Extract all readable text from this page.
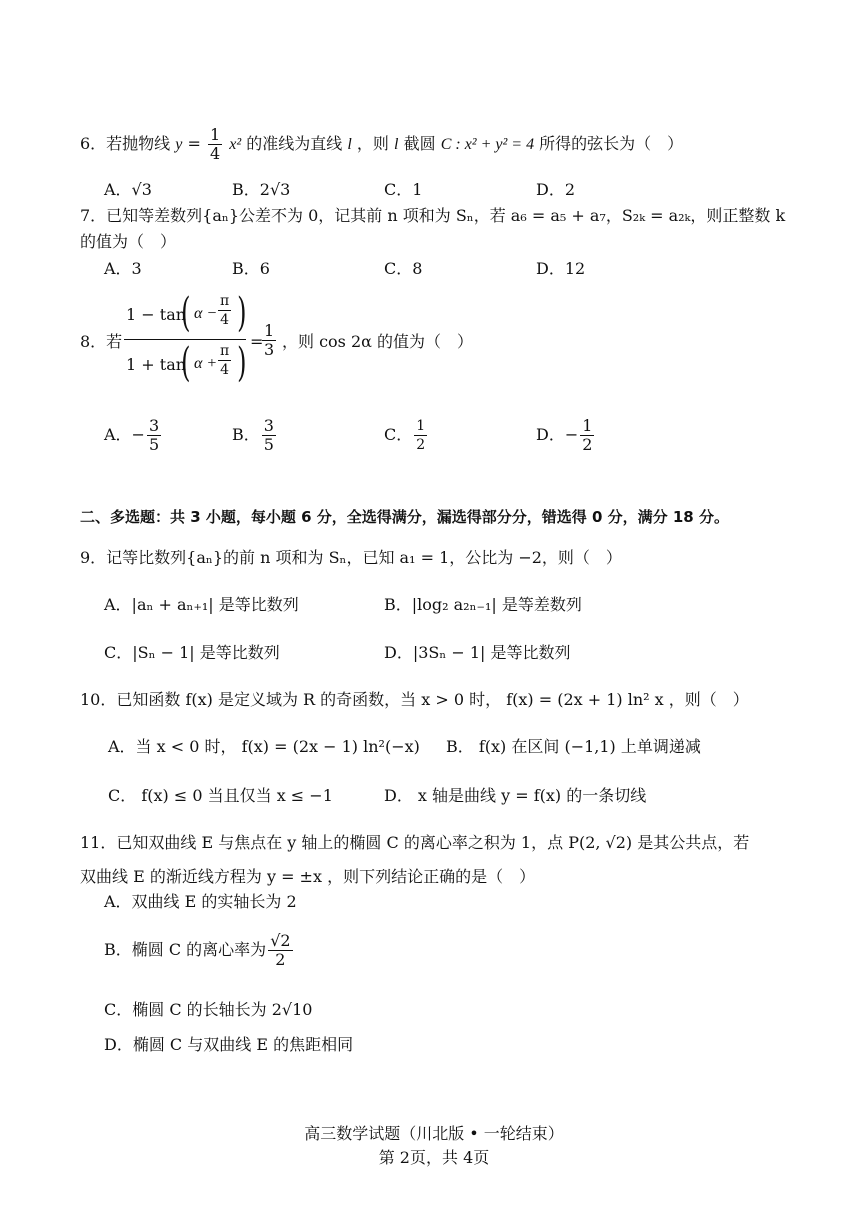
6．若抛物线 $y = \frac{1}{4} x^2$ 的准线为直线 l ，则 l 截圆 C : x² + y² = 4 所得的弦长为（　）
A．√3	B．2√3	C．1	D．2
7．已知等差数列{aₙ}公差不为 0，记其前 n 项和为 Sₙ，若 a₆ = a₅ + a₇，S₂ₖ = a₂ₖ，则正整数 k
的值为（　）
A．3	B．6	C．8	D．12
8．若
1 − tan
( $\alpha - \frac{\pi}{4}$ )
1 + tan
( $\alpha + \frac{\pi}{4}$ ) =
$\frac{1}{3}$ ，则 cos 2α 的值为（　）
A．− $\frac{3}{5}$	B． $\frac{3}{5}$	C． $\frac{1}{2}$	D．− $\frac{1}{2}$
二、多选题：共 3 小题，每小题 6 分，全选得满分，漏选得部分分，错选得 0 分，满分 18 分。
9．记等比数列{aₙ}的前 n 项和为 Sₙ，已知 a₁ = 1，公比为 −2，则（　）
A．|aₙ + aₙ₊₁| 是等比数列	B．|log₂ a₂ₙ₋₁| 是等差数列
C．|Sₙ − 1| 是等比数列	D．|3Sₙ − 1| 是等比数列
10．已知函数 f(x) 是定义域为 R 的奇函数，当 x > 0 时， f(x) = (2x + 1) ln² x ，则（　）
A．当 x < 0 时， f(x) = (2x − 1) ln²(−x) B． f(x) 在区间 (−1,1) 上单调递减
C． f(x) ≤ 0 当且仅当 x ≤ −1	D． x 轴是曲线 y = f(x) 的一条切线
11．已知双曲线 E 与焦点在 y 轴上的椭圆 C 的离心率之积为 1，点 P(2, √2) 是其公共点，若
双曲线 E 的渐近线方程为 y = ±x ，则下列结论正确的是（　）
A．双曲线 E 的实轴长为 2
B．椭圆 C 的离心率为 $\frac{√2}{2}$
C．椭圆 C 的长轴长为 2√10
D．椭圆 C 与双曲线 E 的焦距相同
高三数学试题（川北版 • 一轮结束）
第 2页，共 4页
